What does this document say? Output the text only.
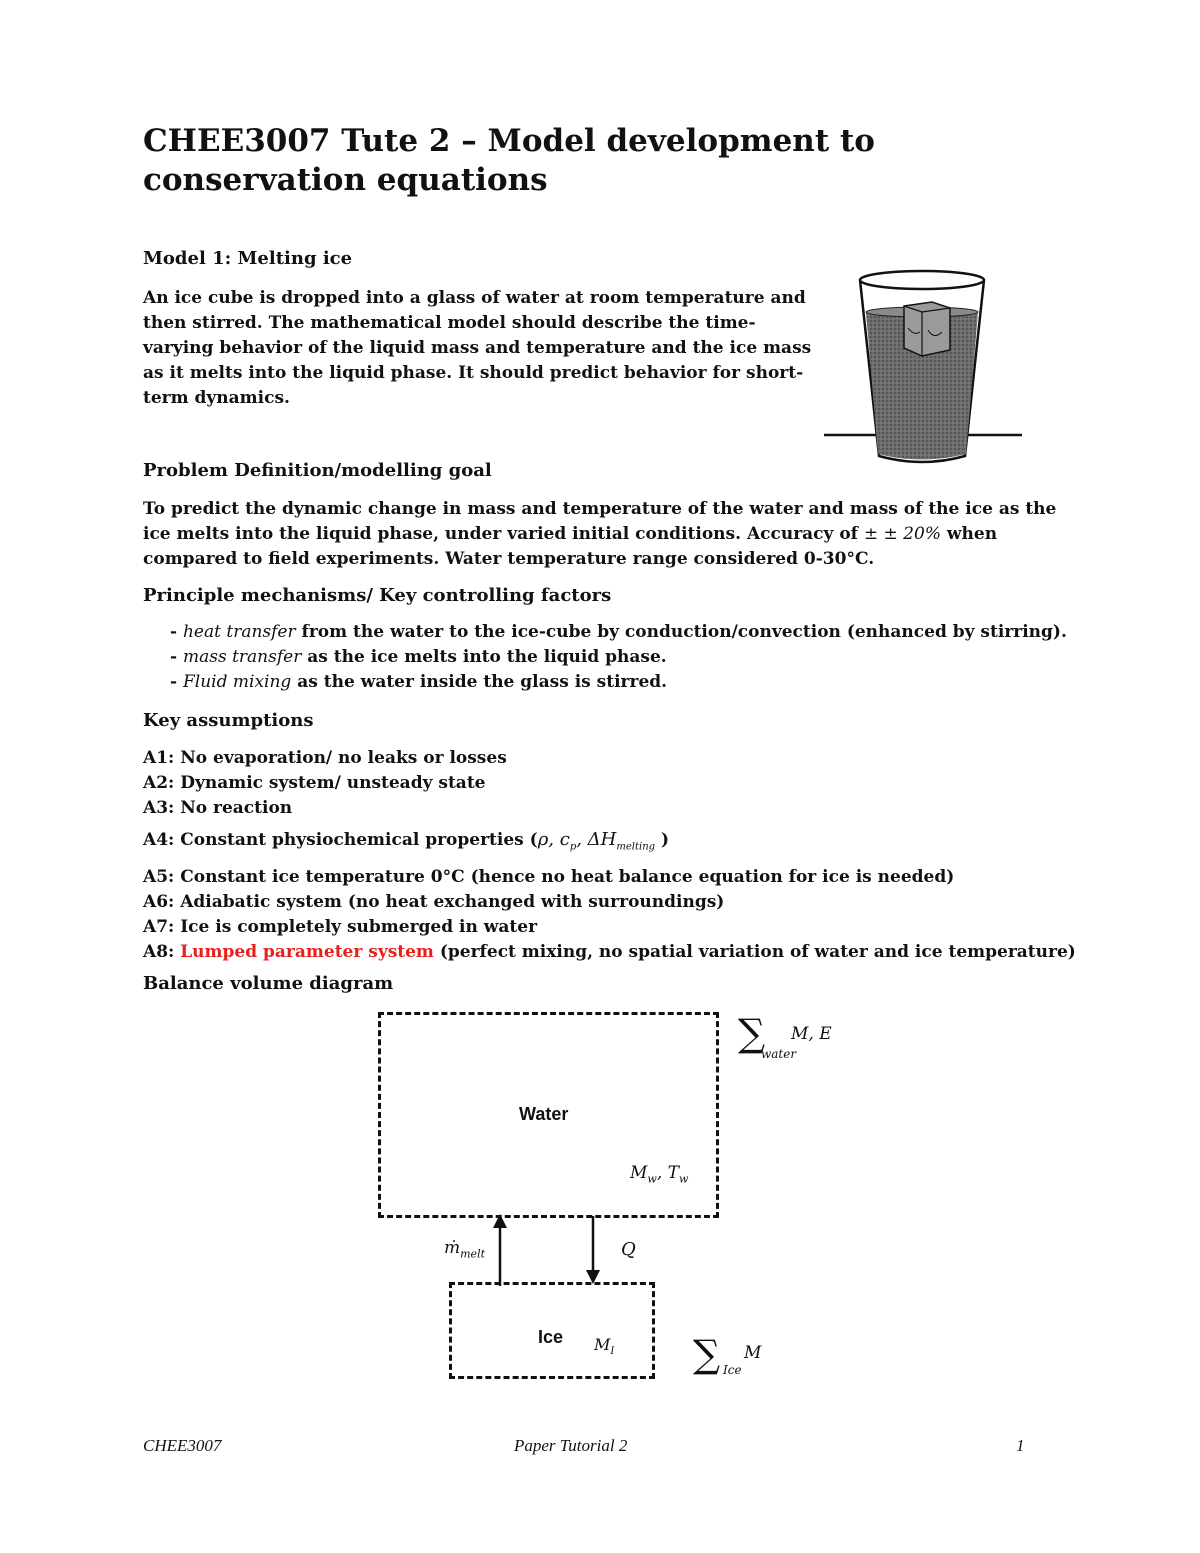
CHEE3007 Tute 2 – Model development to conservation equations
Model 1: Melting ice
An ice cube is dropped into a glass of water at room temperature and then stirred. The mathematical model should describe the time-varying behavior of the liquid mass and temperature and the ice mass as it melts into the liquid phase. It should predict behavior for short-term dynamics.
Problem Definition/modelling goal
To predict the dynamic change in mass and temperature of the water and mass of the ice as the ice melts into the liquid phase, under varied initial conditions. Accuracy of ± ± 20% when compared to field experiments. Water temperature range considered 0-30°C.
Principle mechanisms/ Key controlling factors
- heat transfer from the water to the ice-cube by conduction/convection (enhanced by stirring).
- mass transfer as the ice melts into the liquid phase.
- Fluid mixing as the water inside the glass is stirred.
Key assumptions
A1: No evaporation/ no leaks or losses
A2: Dynamic system/ unsteady state
A3: No reaction
A4: Constant physiochemical properties (ρ, $c_p$, $\Delta H_{melting}$ )
A5: Constant ice temperature 0°C (hence no heat balance equation for ice is needed)
A6: Adiabatic system (no heat exchanged with surroundings)
A7: Ice is completely submerged in water
A8: Lumped parameter system (perfect mixing, no spatial variation of water and ice temperature)
Balance volume diagram
Water
$M_w$, $T_w$
Ice $M_I$
ṁ$_{melt}$	Q
∑
water
M, E
∑ Ice
M
CHEE3007	Paper Tutorial 2	1
